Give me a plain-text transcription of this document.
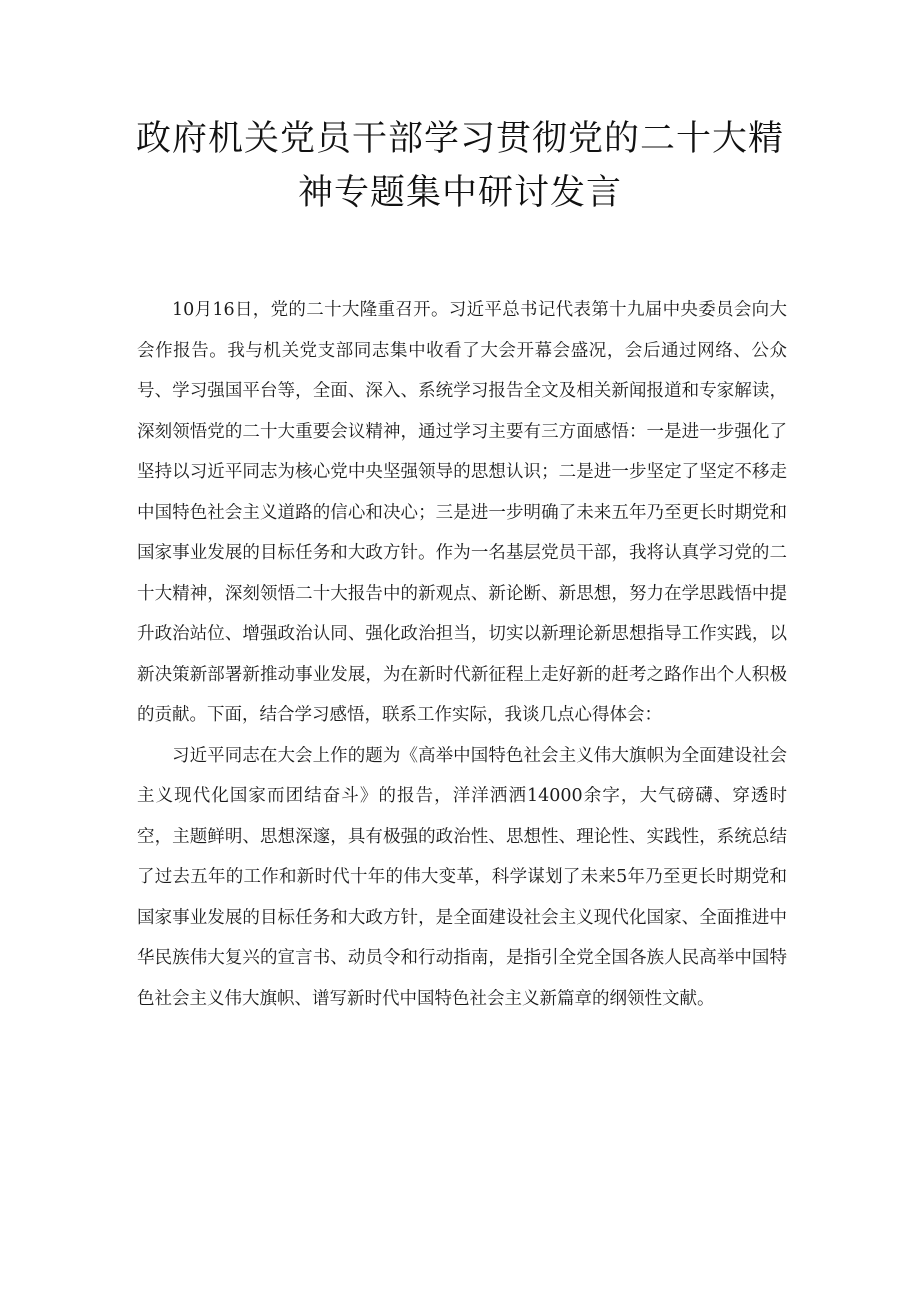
政府机关党员干部学习贯彻党的二十大精
神专题集中研讨发言

10月16日，党的二十大隆重召开。习近平总书记代表第十九届中央委员会向大会作报告。我与机关党支部同志集中收看了大会开幕会盛况，会后通过网络、公众号、学习强国平台等，全面、深入、系统学习报告全文及相关新闻报道和专家解读，深刻领悟党的二十大重要会议精神，通过学习主要有三方面感悟：一是进一步强化了坚持以习近平同志为核心党中央坚强领导的思想认识；二是进一步坚定了坚定不移走中国特色社会主义道路的信心和决心；三是进一步明确了未来五年乃至更长时期党和国家事业发展的目标任务和大政方针。作为一名基层党员干部，我将认真学习党的二十大精神，深刻领悟二十大报告中的新观点、新论断、新思想，努力在学思践悟中提升政治站位、增强政治认同、强化政治担当，切实以新理论新思想指导工作实践，以新决策新部署新推动事业发展，为在新时代新征程上走好新的赶考之路作出个人积极的贡献。下面，结合学习感悟，联系工作实际，我谈几点心得体会：

习近平同志在大会上作的题为《高举中国特色社会主义伟大旗帜为全面建设社会主义现代化国家而团结奋斗》的报告，洋洋洒洒14000余字，大气磅礴、穿透时空，主题鲜明、思想深邃，具有极强的政治性、思想性、理论性、实践性，系统总结了过去五年的工作和新时代十年的伟大变革，科学谋划了未来5年乃至更长时期党和国家事业发展的目标任务和大政方针，是全面建设社会主义现代化国家、全面推进中华民族伟大复兴的宣言书、动员令和行动指南，是指引全党全国各族人民高举中国特色社会主义伟大旗帜、谱写新时代中国特色社会主义新篇章的纲领性文献。
